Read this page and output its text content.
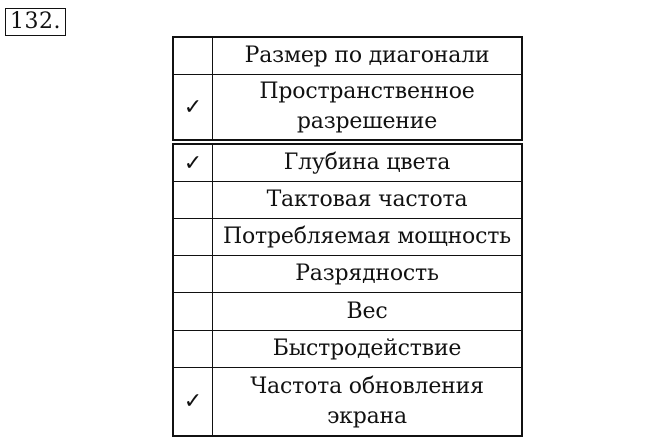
132.
Размер по диагонали
✓
Пространственное
разрешение
✓	Глубина цвета
Тактовая частота
Потребляемая мощность
Разрядность
Вес
Быстродействие
✓
Частота обновления
экрана
